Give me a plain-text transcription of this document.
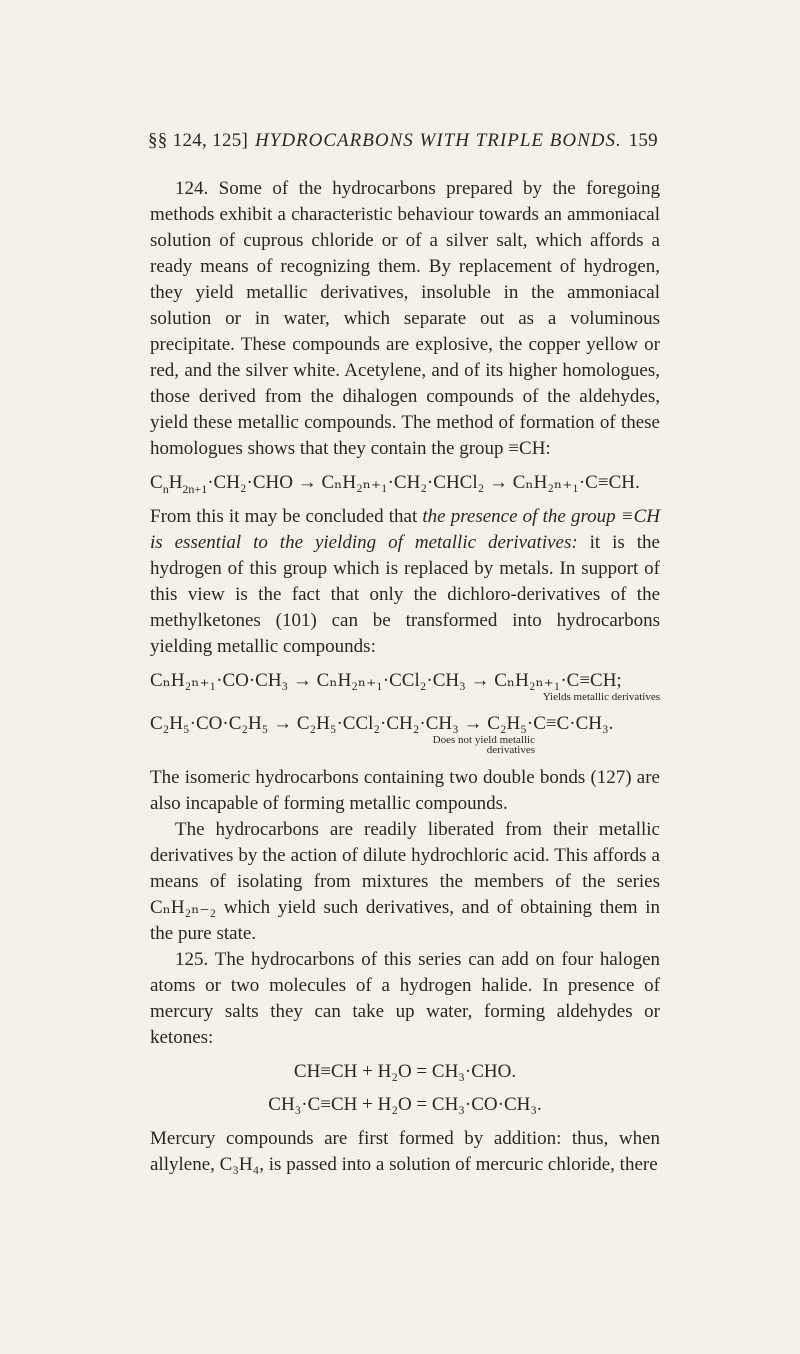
§§ 124, 125] HYDROCARBONS WITH TRIPLE BONDS. 159

124. Some of the hydrocarbons prepared by the foregoing methods exhibit a characteristic behaviour towards an ammoniacal solution of cuprous chloride or of a silver salt, which affords a ready means of recognizing them. By replacement of hydrogen, they yield metallic derivatives, insoluble in the ammoniacal solution or in water, which separate out as a voluminous precipitate. These compounds are explosive, the copper yellow or red, and the silver white. Acetylene, and of its higher homologues, those derived from the dihalogen compounds of the aldehydes, yield these metallic compounds. The method of formation of these homologues shows that they contain the group ≡CH:

$C_nH_{2n+1}\cdot CH_2\cdot CHO$ → CₙH₂ₙ₊₁·CH₂·CHCl₂ → CₙH₂ₙ₊₁·C≡CH.

From this it may be concluded that the presence of the group ≡CH is essential to the yielding of metallic derivatives: it is the hydrogen of this group which is replaced by metals. In support of this view is the fact that only the dichloro-derivatives of the methylketones (101) can be transformed into hydrocarbons yielding metallic compounds:

CₙH₂ₙ₊₁·CO·CH₃ → CₙH₂ₙ₊₁·CCl₂·CH₃ → CₙH₂ₙ₊₁·C≡CH;
Yields metallic derivatives
C₂H₅·CO·C₂H₅ → C₂H₅·CCl₂·CH₂·CH₃ → C₂H₅·C≡C·CH₃.
Does not yield metallic
derivatives

The isomeric hydrocarbons containing two double bonds (127) are also incapable of forming metallic compounds.

The hydrocarbons are readily liberated from their metallic derivatives by the action of dilute hydrochloric acid. This affords a means of isolating from mixtures the members of the series CₙH₂ₙ₋₂ which yield such derivatives, and of obtaining them in the pure state.

125. The hydrocarbons of this series can add on four halogen atoms or two molecules of a hydrogen halide. In presence of mercury salts they can take up water, forming aldehydes or ketones:

CH≡CH + H₂O = CH₃·CHO.
CH₃·C≡CH + H₂O = CH₃·CO·CH₃.

Mercury compounds are first formed by addition: thus, when allylene, C₃H₄, is passed into a solution of mercuric chloride, there
